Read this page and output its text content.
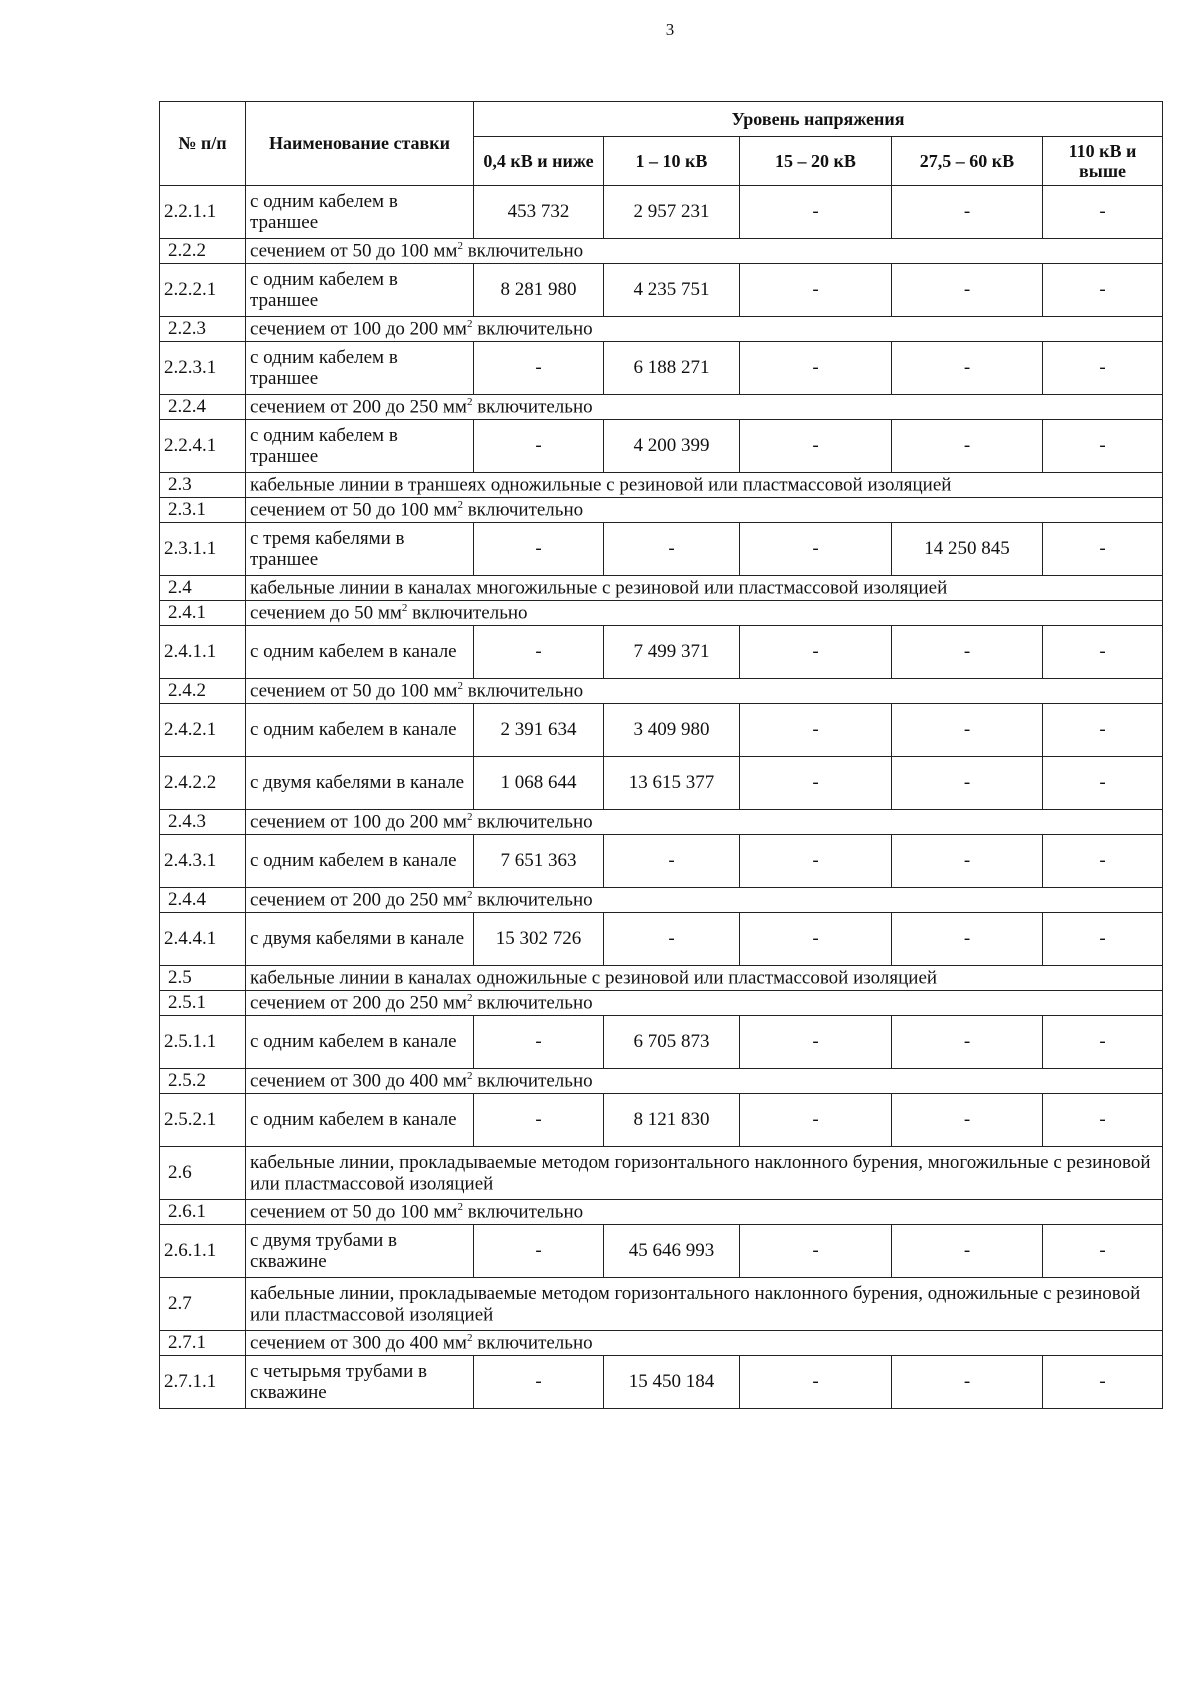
3
№ п/п	Наименование ставки	Уровень напряжения				
		0,4 кВ и ниже	1 – 10 кВ	15 – 20 кВ	27,5 – 60 кВ	110 кВ и выше
2.2.1.1	с одним кабелем в траншее	453 732	2 957 231	-	-	-
2.2.2	сечением от 50 до 100 $мм^2$ включительно					
2.2.2.1	с одним кабелем в траншее	8 281 980	4 235 751	-	-	-
2.2.3	сечением от 100 до 200 $мм^2$ включительно					
2.2.3.1	с одним кабелем в траншее	-	6 188 271	-	-	-
2.2.4	сечением от 200 до 250 $мм^2$ включительно					
2.2.4.1	с одним кабелем в траншее	-	4 200 399	-	-	-
2.3	кабельные линии в траншеях одножильные с резиновой или пластмассовой изоляцией					
2.3.1	сечением от 50 до 100 $мм^2$ включительно					
2.3.1.1	с тремя кабелями в траншее	-	-	-	14 250 845	-
2.4	кабельные линии в каналах многожильные с резиновой или пластмассовой изоляцией					
2.4.1	сечением до 50 $мм^2$ включительно					
2.4.1.1	с одним кабелем в канале	-	7 499 371	-	-	-
2.4.2	сечением от 50 до 100 $мм^2$ включительно					
2.4.2.1	с одним кабелем в канале	2 391 634	3 409 980	-	-	-
2.4.2.2	с двумя кабелями в канале	1 068 644	13 615 377	-	-	-
2.4.3	сечением от 100 до 200 $мм^2$ включительно					
2.4.3.1	с одним кабелем в канале	7 651 363	-	-	-	-
2.4.4	сечением от 200 до 250 $мм^2$ включительно					
2.4.4.1	с двумя кабелями в канале	15 302 726	-	-	-	-
2.5	кабельные линии в каналах одножильные с резиновой или пластмассовой изоляцией					
2.5.1	сечением от 200 до 250 $мм^2$ включительно					
2.5.1.1	с одним кабелем в канале	-	6 705 873	-	-	-
2.5.2	сечением от 300 до 400 $мм^2$ включительно					
2.5.2.1	с одним кабелем в канале	-	8 121 830	-	-	-
2.6	кабельные линии, прокладываемые методом горизонтального наклонного бурения, многожильные с резиновой или пластмассовой изоляцией					
2.6.1	сечением от 50 до 100 $мм^2$ включительно					
2.6.1.1	с двумя трубами в скважине	-	45 646 993	-	-	-
2.7	кабельные линии, прокладываемые методом горизонтального наклонного бурения, одножильные с резиновой или пластмассовой изоляцией					
2.7.1	сечением от 300 до 400 $мм^2$ включительно					
2.7.1.1	с четырьмя трубами в скважине	-	15 450 184	-	-	-
